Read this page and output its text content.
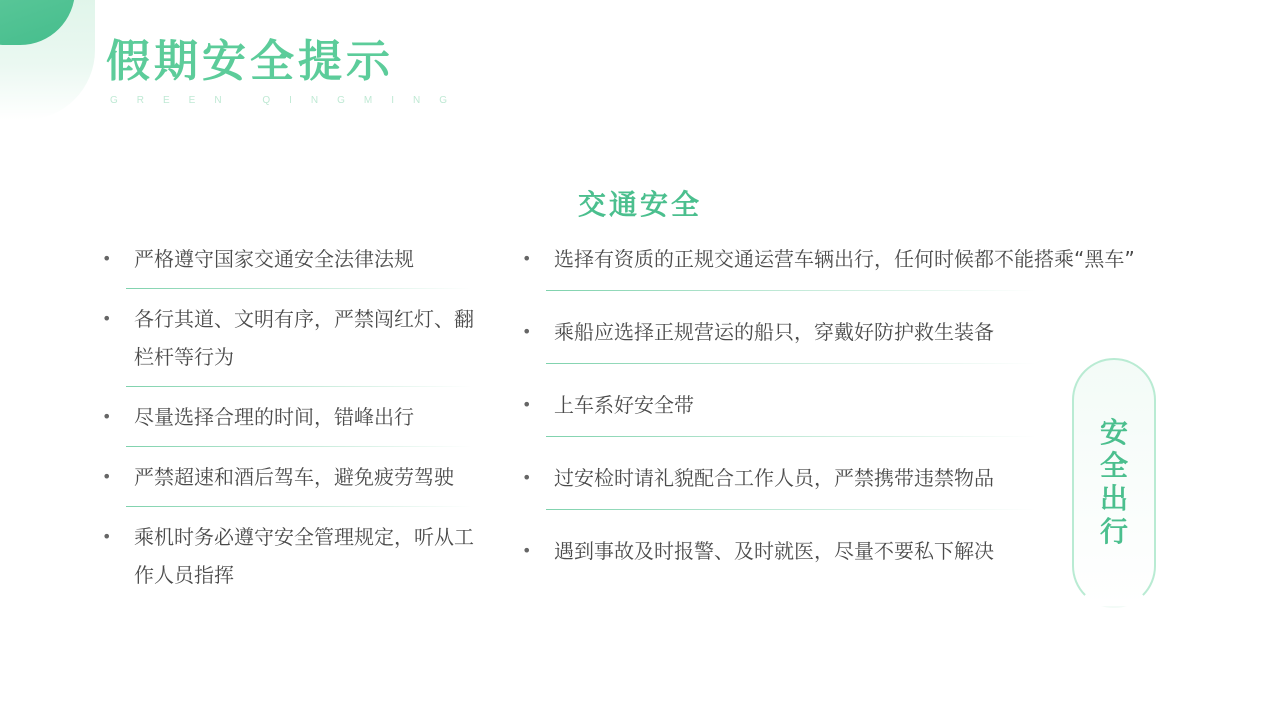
假期安全提示
GREEN QINGMING
交通安全
• 严格遵守国家交通安全法律法规
• 各行其道、文明有序，严禁闯红灯、翻栏杆等行为
• 尽量选择合理的时间，错峰出行
• 严禁超速和酒后驾车，避免疲劳驾驶
• 乘机时务必遵守安全管理规定，听从工作人员指挥
• 选择有资质的正规交通运营车辆出行，任何时候都不能搭乘“黑车”
• 乘船应选择正规营运的船只，穿戴好防护救生装备
• 上车系好安全带
• 过安检时请礼貌配合工作人员，严禁携带违禁物品
• 遇到事故及时报警、及时就医，尽量不要私下解决
安
全
出
行
